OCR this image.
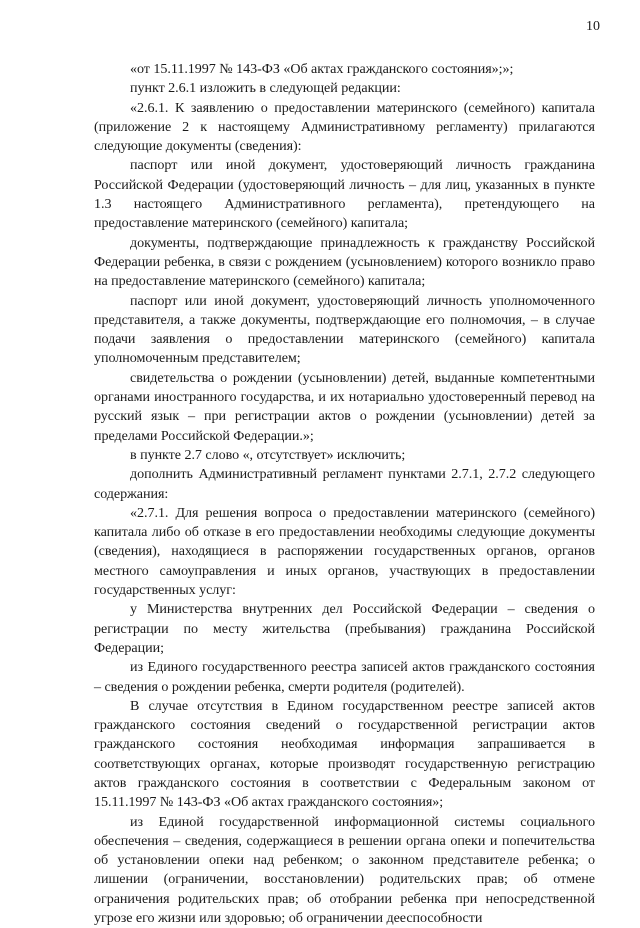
10

«от 15.11.1997 № 143-ФЗ «Об актах гражданского состояния»;»;

пункт 2.6.1 изложить в следующей редакции:

«2.6.1. К заявлению о предоставлении материнского (семейного) капитала (приложение 2 к настоящему Административному регламенту) прилагаются следующие документы (сведения):

паспорт или иной документ, удостоверяющий личность гражданина Российской Федерации (удостоверяющий личность – для лиц, указанных в пункте 1.3 настоящего Административного регламента), претендующего на предоставление материнского (семейного) капитала;

документы, подтверждающие принадлежность к гражданству Российской Федерации ребенка, в связи с рождением (усыновлением) которого возникло право на предоставление материнского (семейного) капитала;

паспорт или иной документ, удостоверяющий личность уполномоченного представителя, а также документы, подтверждающие его полномочия, – в случае подачи заявления о предоставлении материнского (семейного) капитала уполномоченным представителем;

свидетельства о рождении (усыновлении) детей, выданные компетентными органами иностранного государства, и их нотариально удостоверенный перевод на русский язык – при регистрации актов о рождении (усыновлении) детей за пределами Российской Федерации.»;

в пункте 2.7 слово «, отсутствует» исключить;

дополнить Административный регламент пунктами 2.7.1, 2.7.2 следующего содержания:

«2.7.1. Для решения вопроса о предоставлении материнского (семейного) капитала либо об отказе в его предоставлении необходимы следующие документы (сведения), находящиеся в распоряжении государственных органов, органов местного самоуправления и иных органов, участвующих в предоставлении государственных услуг:

у Министерства внутренних дел Российской Федерации – сведения о регистрации по месту жительства (пребывания) гражданина Российской Федерации;

из Единого государственного реестра записей актов гражданского состояния – сведения о рождении ребенка, смерти родителя (родителей).

В случае отсутствия в Едином государственном реестре записей актов гражданского состояния сведений о государственной регистрации актов гражданского состояния необходимая информация запрашивается в соответствующих органах, которые производят государственную регистрацию актов гражданского состояния в соответствии с Федеральным законом от 15.11.1997 № 143-ФЗ «Об актах гражданского состояния»;

из Единой государственной информационной системы социального обеспечения – сведения, содержащиеся в решении органа опеки и попечительства об установлении опеки над ребенком; о законном представителе ребенка; о лишении (ограничении, восстановлении) родительских прав; об отмене ограничения родительских прав; об отобрании ребенка при непосредственной угрозе его жизни или здоровью; об ограничении дееспособности
